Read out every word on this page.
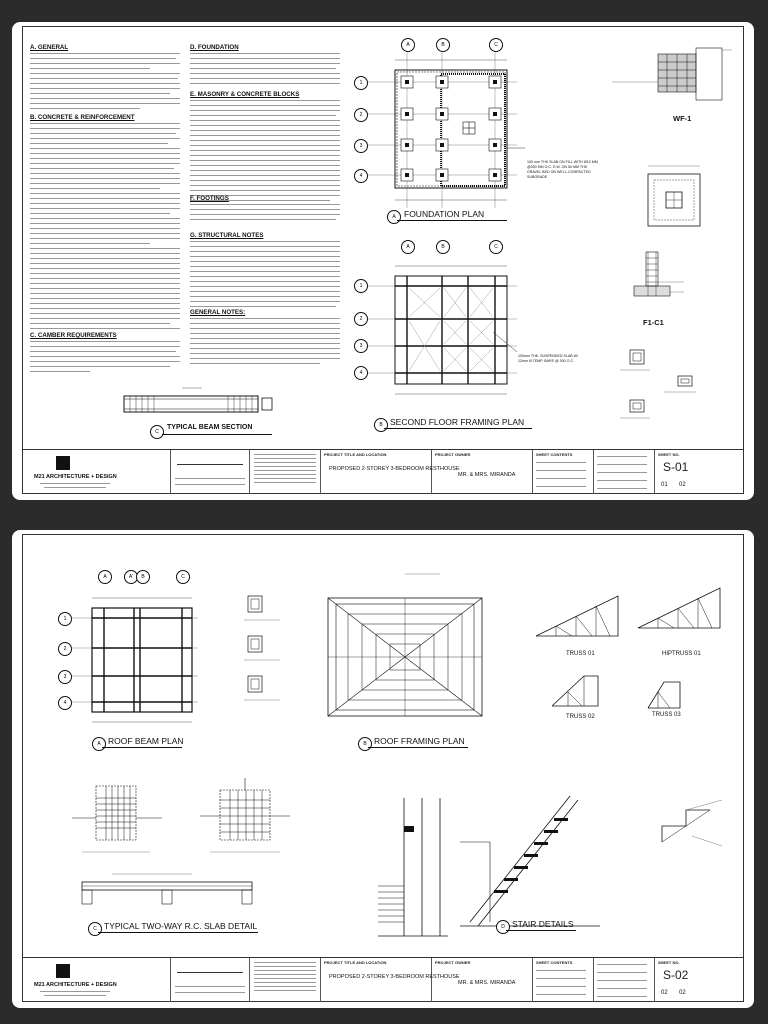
A. GENERAL
B. CONCRETE & REINFORCEMENT
C. CAMBER REQUIREMENTS
D. FOUNDATION
E. MASONRY & CONCRETE BLOCKS
F. FOOTINGS
G. STRUCTURAL NOTES
GENERAL NOTES:
C
TYPICAL BEAM SECTION
A	B	C
1
2
3
4
100 mm THK SLAB ON FILL WITH Ø10 MM @300 MM O.C. E.W. ON 50 MM THK GRAVEL BED ON WELL-COMPACTED SUBGRADE
A FOUNDATION PLAN
A	B	C
1
2
3
4
100mm THK. SUSPENDED SLAB W/ 12mm Ø TEMP. BARS @ 300 O.C.
B SECOND FLOOR FRAMING PLAN
WF-1
F1-C1
M21 ARCHITECTURE + DESIGN
PROJECT TITLE AND LOCATION
PROPOSED 2-STOREY 3-BEDROOM RESTHOUSE
PROJECT OWNER
MR. & MRS. MIRANDA
SHEET CONTENTS	SHEET NO.
S-01
01 02
A	A'	B	C
1
2
3
4
A ROOF BEAM PLAN	B ROOF FRAMING PLAN
TRUSS 01	HIPTRUSS 01
TRUSS 02	TRUSS 03
C TYPICAL TWO-WAY R.C. SLAB DETAIL	D STAIR DETAILS
M21 ARCHITECTURE + DESIGN
PROJECT TITLE AND LOCATION
PROPOSED 2-STOREY 3-BEDROOM RESTHOUSE
PROJECT OWNER
MR. & MRS. MIRANDA
SHEET CONTENTS	SHEET NO.
S-02
02 02
